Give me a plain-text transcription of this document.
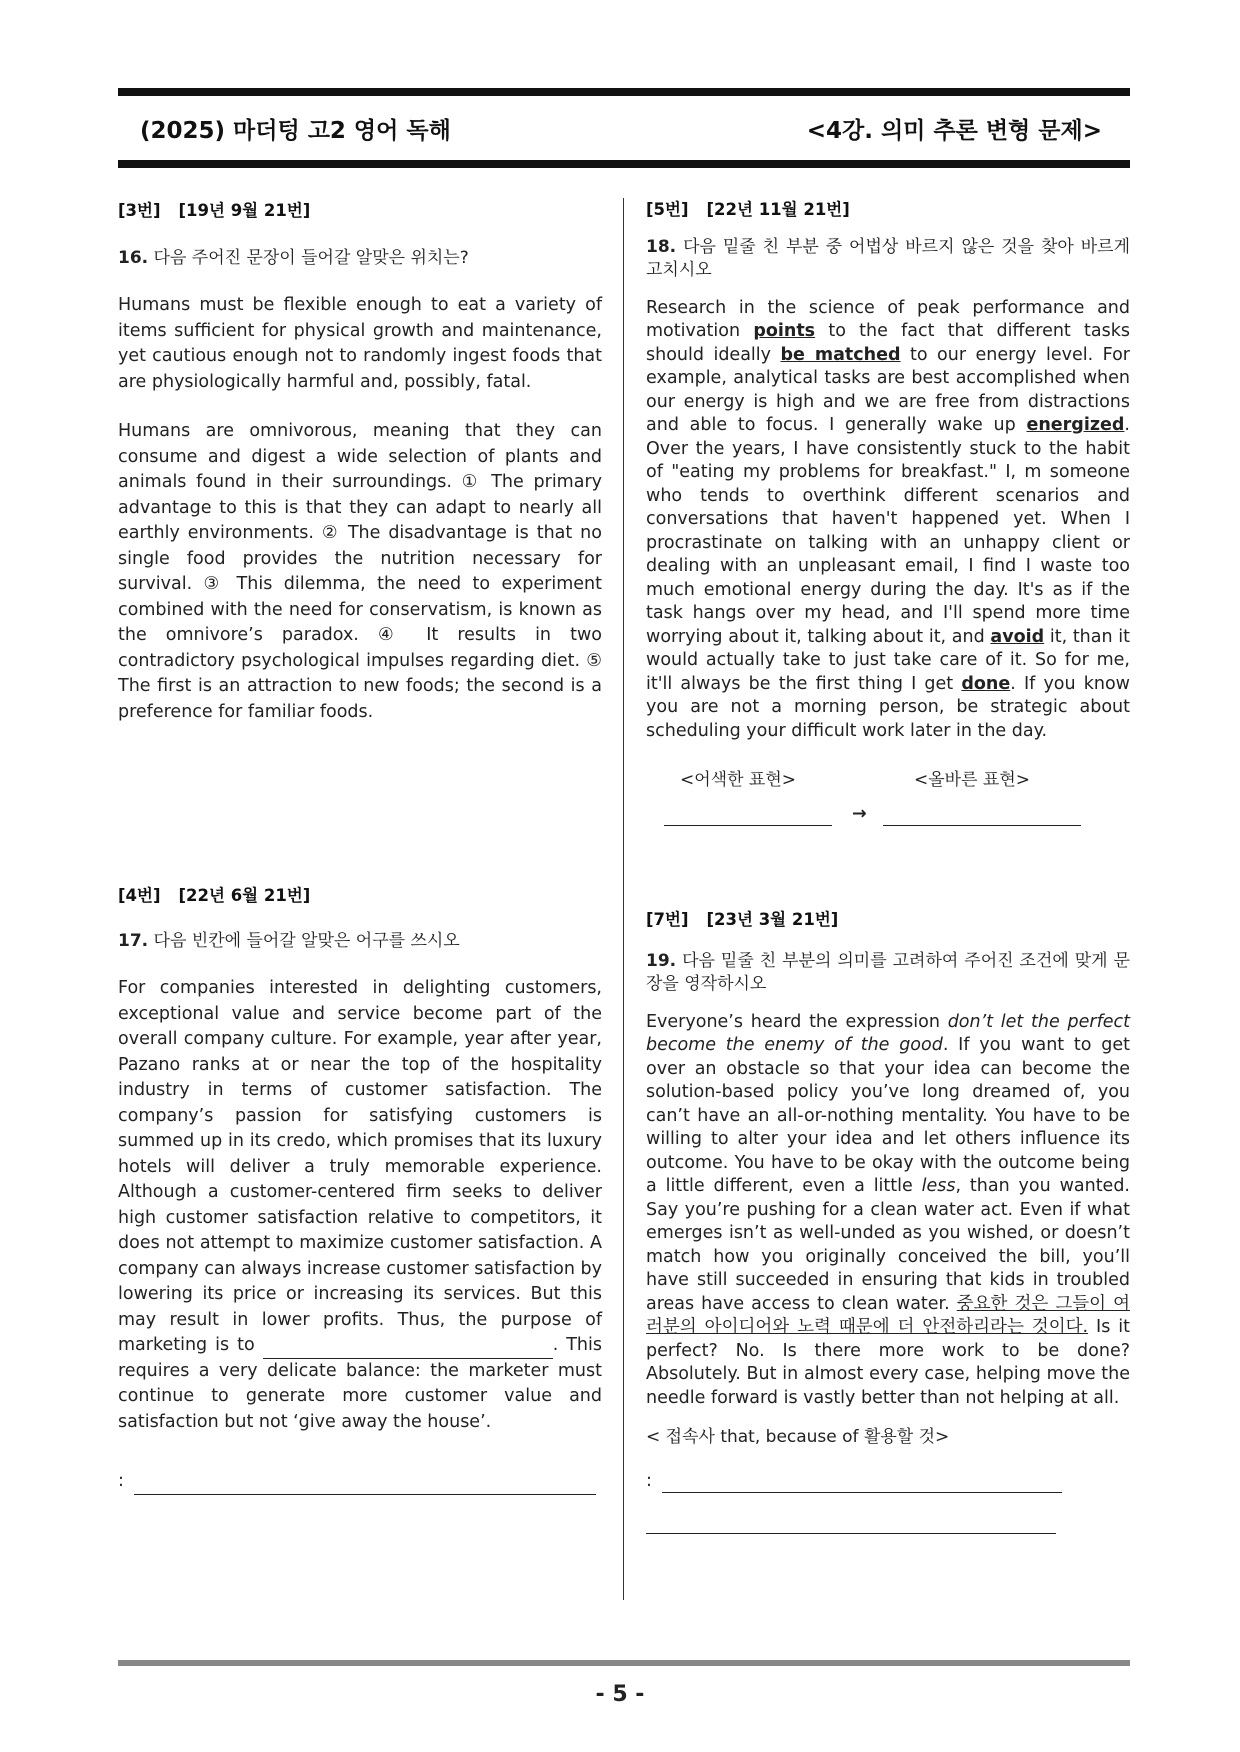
(2025) 마더텅 고2 영어 독해	<4강. 의미 추론 변형 문제>
[3번] [19년 9월 21번]
16. 다음 주어진 문장이 들어갈 알맞은 위치는?
Humans must be flexible enough to eat a variety of items sufficient for physical growth and maintenance, yet cautious enough not to randomly ingest foods that are physiologically harmful and, possibly, fatal.
Humans are omnivorous, meaning that they can consume and digest a wide selection of plants and animals found in their surroundings. ① The primary advantage to this is that they can adapt to nearly all earthly environments. ② The disadvantage is that no single food provides the nutrition necessary for survival. ③ This dilemma, the need to experiment combined with the need for conservatism, is known as the omnivore’s paradox. ④ It results in two contradictory psychological impulses regarding diet. ⑤ The first is an attraction to new foods; the second is a preference for familiar foods.
[4번] [22년 6월 21번]
17. 다음 빈칸에 들어갈 알맞은 어구를 쓰시오
For companies interested in delighting customers, exceptional value and service become part of the overall company culture. For example, year after year, Pazano ranks at or near the top of the hospitality industry in terms of customer satisfaction. The company’s passion for satisfying customers is summed up in its credo, which promises that its luxury hotels will deliver a truly memorable experience. Although a customer-centered firm seeks to deliver high customer satisfaction relative to competitors, it does not attempt to maximize customer satisfaction. A company can always increase customer satisfaction by lowering its price or increasing its services. But this may result in lower profits. Thus, the purpose of marketing is to	. This requires a very delicate balance: the marketer must continue to generate more customer value and satisfaction but not ‘give away the house’.
:
[5번] [22년 11월 21번]
18. 다음 밑줄 친 부분 중 어법상 바르지 않은 것을 찾아 바르게 고치시오
Research in the science of peak performance and motivation points to the fact that different tasks should ideally be matched to our energy level. For example, analytical tasks are best accomplished when our energy is high and we are free from distractions and able to focus. I generally wake up energized. Over the years, I have consistently stuck to the habit of "eating my problems for breakfast." I, m someone who tends to overthink different scenarios and conversations that haven't happened yet. When I procrastinate on talking with an unhappy client or dealing with an unpleasant email, I find I waste too much emotional energy during the day. It's as if the task hangs over my head, and I'll spend more time worrying about it, talking about it, and avoid it, than it would actually take to just take care of it. So for me, it'll always be the first thing I get done. If you know you are not a morning person, be strategic about scheduling your difficult work later in the day.
<어색한 표현>	<올바른 표현>
→
[7번] [23년 3월 21번]
19. 다음 밑줄 친 부분의 의미를 고려하여 주어진 조건에 맞게 문장을 영작하시오
Everyone’s heard the expression don’t let the perfect become the enemy of the good. If you want to get over an obstacle so that your idea can become the solution-based policy you’ve long dreamed of, you can’t have an all-or-nothing mentality. You have to be willing to alter your idea and let others influence its outcome. You have to be okay with the outcome being a little different, even a little less, than you wanted. Say you’re pushing for a clean water act. Even if what emerges isn’t as well-unded as you wished, or doesn’t match how you originally conceived the bill, you’ll have still succeeded in ensuring that kids in troubled areas have access to clean water. 중요한 것은 그들이 여러분의 아이디어와 노력 때문에 더 안전하리라는 것이다. Is it perfect? No. Is there more work to be done? Absolutely. But in almost every case, helping move the needle forward is vastly better than not helping at all.
< 접속사 that, because of 활용할 것>
:
- 5 -
